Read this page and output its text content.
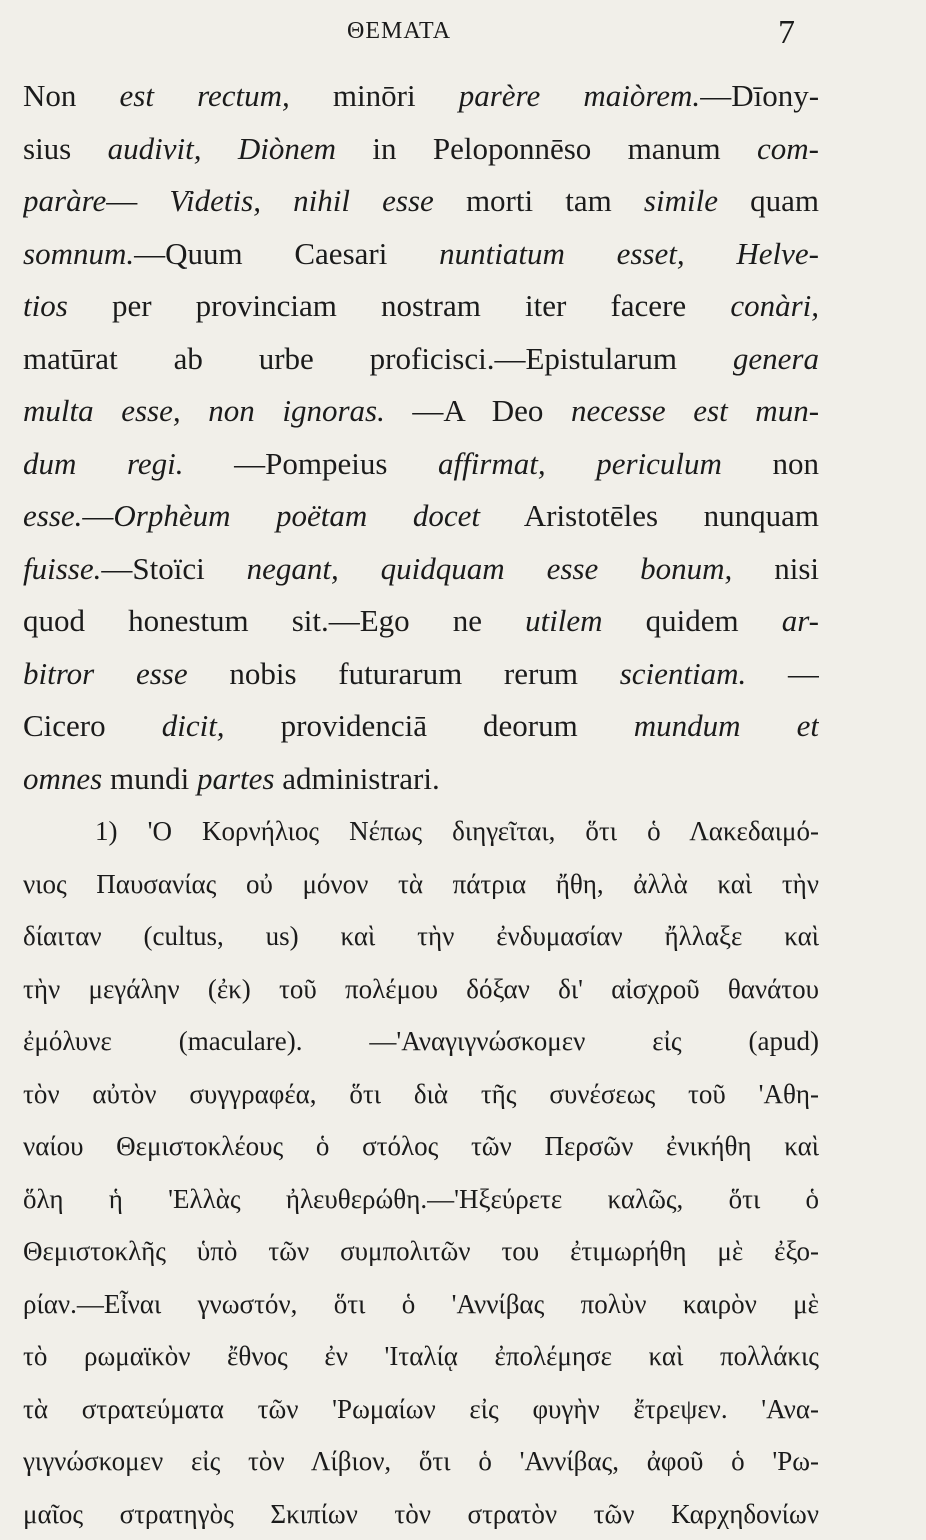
ΘΕΜΑΤΑ	7
Non est rectum, minōri parère maiòrem.—Dīony-
sius audivit, Diònem in Peloponnēso manum com-
paràre— Videtis, nihil esse morti tam simile quam
somnum.—Quum Caesari nuntiatum esset, Helve-
tios per provinciam nostram iter facere conàri,
matūrat ab urbe proficisci.—Epistularum genera
multa esse, non ignoras. —A Deo necesse est mun-
dum regi. —Pompeius affirmat, periculum non
esse.—Orphèum poëtam docet Aristotēles nunquam
fuisse.—Stoïci negant, quidquam esse bonum, nisi
quod honestum sit.—Ego ne utilem quidem ar-
bitror esse nobis futurarum rerum scientiam. —
Cicero dicit, providenciā deorum mundum et
omnes mundi partes administrari.
1) 'Ο Κορνήλιος Νέπως διηγεῖται, ὅτι ὁ Λακεδαιμό-
νιος Παυσανίας οὐ μόνον τὰ πάτρια ἤθη, ἀλλὰ καὶ τὴν
δίαιταν (cultus, us) καὶ τὴν ἐνδυμασίαν ἤλλαξε καὶ
τὴν μεγάλην (ἐκ) τοῦ πολέμου δόξαν δι' αἰσχροῦ θανάτου
ἐμόλυνε (maculare). —'Αναγιγνώσκομεν εἰς (apud)
τὸν αὐτὸν συγγραφέα, ὅτι διὰ τῆς συνέσεως τοῦ 'Αθη-
ναίου Θεμιστοκλέους ὁ στόλος τῶν Περσῶν ἐνικήθη καὶ
ὅλη ἡ 'Ελλὰς ἠλευθερώθη.—'Ηξεύρετε καλῶς, ὅτι ὁ
Θεμιστοκλῆς ὑπὸ τῶν συμπολιτῶν του ἐτιμωρήθη μὲ ἐξο-
ρίαν.—Εἶναι γνωστόν, ὅτι ὁ 'Αννίβας πολὺν καιρὸν μὲ
τὸ ρωμαϊκὸν ἔθνος ἐν 'Ιταλίᾳ ἐπολέμησε καὶ πολλάκις
τὰ στρατεύματα τῶν 'Ρωμαίων εἰς φυγὴν ἔτρεψεν. 'Ανα-
γιγνώσκομεν εἰς τὸν Λίβιον, ὅτι ὁ 'Αννίβας, ἀφοῦ ὁ 'Ρω-
μαῖος στρατηγὸς Σκιπίων τὸν στρατὸν τῶν Καρχηδονίων
